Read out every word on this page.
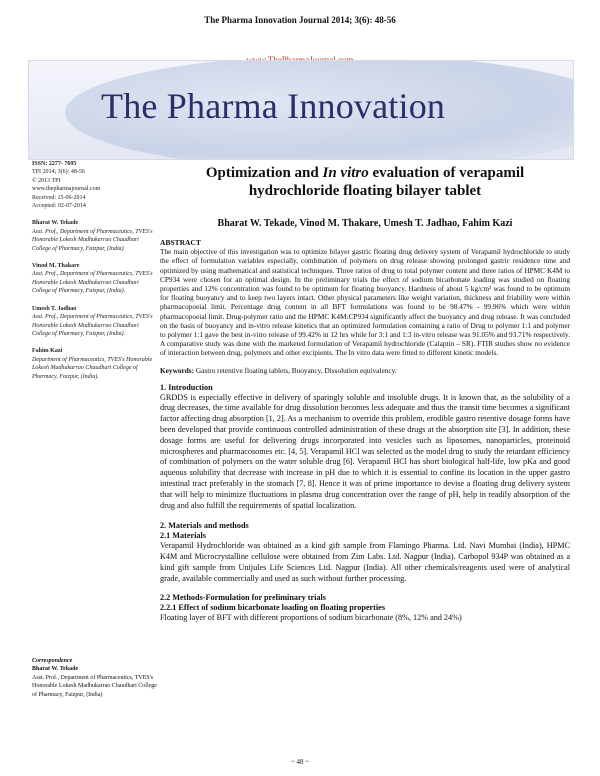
The Pharma Innovation Journal 2014; 3(6): 48-56
The Pharma Innovation
ISSN: 2277- 7695
TPI 2014; 3(6): 48-56
© 2013 TPI
www.thepharmajournal.com
Received: 15-06-2014
Accepted: 02-07-2014
Bharat W. Tekade
Asst. Prof., Department of Pharmaceutics, TVES's Honorable Lokesh Madhukarrao Chaudhari College of Pharmacy, Faizpur, (India)
Vinod M. Thakare
Asst. Prof., Department of Pharmaceutics, TVES's Honorable Lokesh Madhukarrao Chaudhari College of Pharmacy, Faizpur, (India).
Umesh T. Jadhao
Asst. Prof., Department of Pharmaceutics, TVES's Honorable Lokesh Madhukarrao Chaudhari College of Pharmacy, Faizpur, (India).
Fahim Kazi
Department of Pharmaceutics, TVES's Honorable Lokesh Madhukarrao Chaudhari College of Pharmacy, Faizpur, (India).
Correspondence
Bharat W. Tekade
Asst. Prof., Department of Pharmaceutics, TVES's Honorable Lokesh Madhukarrao Chaudhari College of Pharmacy, Faizpur, (India)
Optimization and In vitro evaluation of verapamil hydrochloride floating bilayer tablet
Bharat W. Tekade, Vinod M. Thakare, Umesh T. Jadhao, Fahim Kazi
ABSTRACT
The main objective of this investigation was to optimize bilayer gastric floating drug delivery system of Verapamil hydrochloride to study the effect of formulation variables especially, combination of polymers on drug release showing prolonged gastric residence time and optimized by using mathematical and statistical techniques. Three ratios of drug to total polymer content and three ratios of HPMC K4M to CP934 were chosen for an optimal design. In the preliminary trials the effect of sodium bicarbonate loading was studied on floating properties and 12% concentration was found to be optimum for floating buoyancy. Hardness of about 5 kg/cm² was found to be optimum for floating buoyancy and to keep two layers intact. Other physical parameters like weight variation, thickness and friability were within pharmacopoeial limit. Percentage drug content in all BFT formulations was found to be 98.47% - 99.96% which were within pharmacopoeial limit. Drug-polymer ratio and the HPMC K4M:CP934 significantly affect the buoyancy and drug release. It was concluded on the basis of buoyancy and in-vitro release kinetics that an optimized formulation containing a ratio of Drug to polymer 1:1 and polymer to polymer 1:1 gave the best in-vitro release of 99.42% in 12 hrs while for 3:1 and 1:3 in-vitro release was 91.05% and 93.71% respectively. A comparative study was done with the marketed formulation of Verapamil hydrochloride (Calaptin – SR). FTIR studies show no evidence of interaction between drug, polymers and other excipients. The In vitro data were fitted to different kinetic models.
Keywords: Gastro retentive floating tablets, Buoyancy, Dissolution equivalency.
1. Introduction
GRDDS is especially effective in delivery of sparingly soluble and insoluble drugs. It is known that, as the solubility of a drug decreases, the time available for drug dissolution becomes less adequate and thus the transit time becomes a significant factor affecting drug absorption [1, 2]. As a mechanism to override this problem, erodible gastro retentive dosage forms have been developed that provide continuous controlled administration of these drugs at the absorption site [3]. In addition, these dosage forms are useful for delivering drugs incorporated into vesicles such as liposomes, nanoparticles, proteinoid microspheres and pharmacosomes etc. [4, 5]. Verapamil HCl was selected as the model drug to study the retardant efficiency of combination of polymers on the water soluble drug [6]. Verapamil HCl has short biological half-life, low pKa and good aqueous solubility that decrease with increase in pH due to which it is essential to confine its location in the upper gastro intestinal tract preferably in the stomach [7, 8]. Hence it was of prime importance to devise a floating drug delivery system that will help to minimize fluctuations in plasma drug concentration over the range of pH, help in readily absorption of the drug and also fulfill the requirements of spatial localization.
2. Materials and methods
2.1 Materials
Verapamil Hydrochloride was obtained as a kind gift sample from Flamingo Pharma. Ltd. Navi Mumbai (India), HPMC K4M and Microcrystalline cellulose were obtained from Zim Labs. Ltd. Nagpur (India). Carbopol 934P was obtained as a kind gift sample from Unijules Life Sciences Ltd. Nagpur (India). All other chemicals/reagents used were of analytical grade, available commercially and used as such without further processing.
2.2 Methods-Formulation for preliminary trials
2.2.1 Effect of sodium bicarbonate loading on floating properties
Floating layer of BFT with different proportions of sodium bicarbonate (8%, 12% and 24%)
~ 48 ~
